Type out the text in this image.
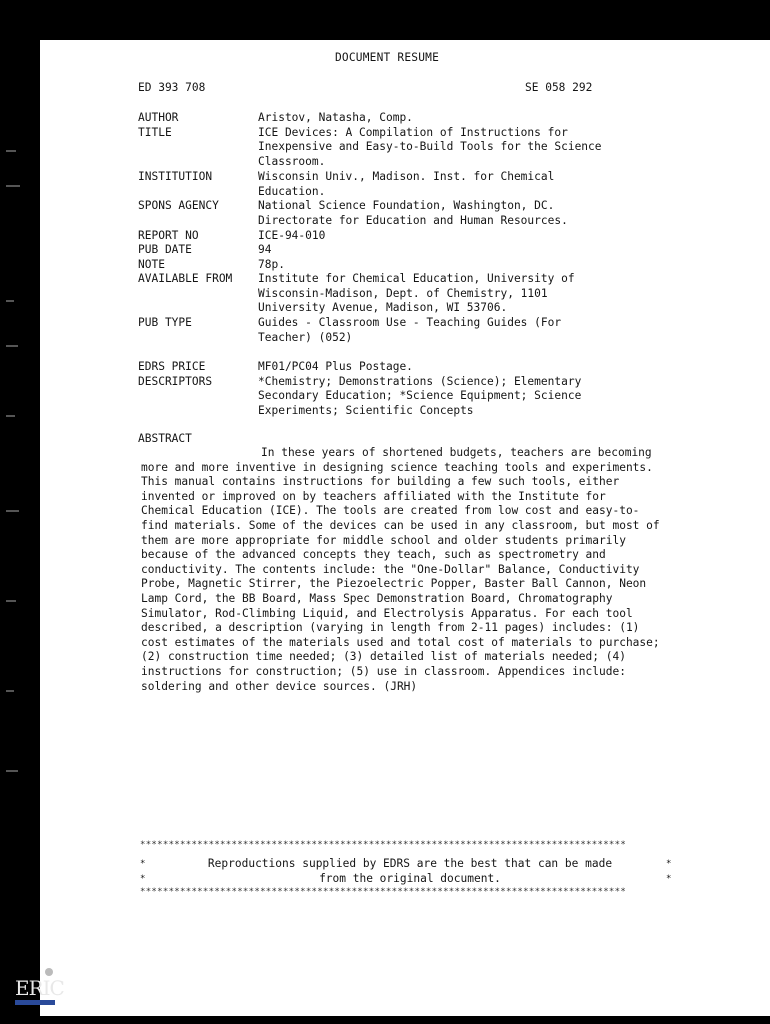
DOCUMENT RESUME
ED 393 708	SE 058 292
AUTHOR	Aristov, Natasha, Comp.
TITLE	ICE Devices: A Compilation of Instructions for
Inexpensive and Easy-to-Build Tools for the Science
Classroom.
INSTITUTION	Wisconsin Univ., Madison. Inst. for Chemical
Education.
SPONS AGENCY	National Science Foundation, Washington, DC.
Directorate for Education and Human Resources.
REPORT NO	ICE-94-010
PUB DATE	94
NOTE	78p.
AVAILABLE FROM	Institute for Chemical Education, University of
Wisconsin-Madison, Dept. of Chemistry, 1101
University Avenue, Madison, WI 53706.
PUB TYPE	Guides - Classroom Use - Teaching Guides (For
Teacher) (052)
EDRS PRICE	MF01/PC04 Plus Postage.
DESCRIPTORS	*Chemistry; Demonstrations (Science); Elementary
Secondary Education; *Science Equipment; Science
Experiments; Scientific Concepts
ABSTRACT
In these years of shortened budgets, teachers are becoming more and more inventive in designing science teaching tools and experiments. This manual contains instructions for building a few such tools, either invented or improved on by teachers affiliated with the Institute for Chemical Education (ICE). The tools are created from low cost and easy-to-find materials. Some of the devices can be used in any classroom, but most of them are more appropriate for middle school and older students primarily because of the advanced concepts they teach, such as spectrometry and conductivity. The contents include: the "One-Dollar" Balance, Conductivity Probe, Magnetic Stirrer, the Piezoelectric Popper, Baster Ball Cannon, Neon Lamp Cord, the BB Board, Mass Spec Demonstration Board, Chromatography Simulator, Rod-Climbing Liquid, and Electrolysis Apparatus. For each tool described, a description (varying in length from 2-11 pages) includes: (1) cost estimates of the materials used and total cost of materials to purchase; (2) construction time needed; (3) detailed list of materials needed; (4) instructions for construction; (5) use in classroom. Appendices include: soldering and other device sources. (JRH)
*************************************************************************************
*	Reproductions supplied by EDRS are the best that can be made	*
*	from the original document.	*
*************************************************************************************
ERIC
